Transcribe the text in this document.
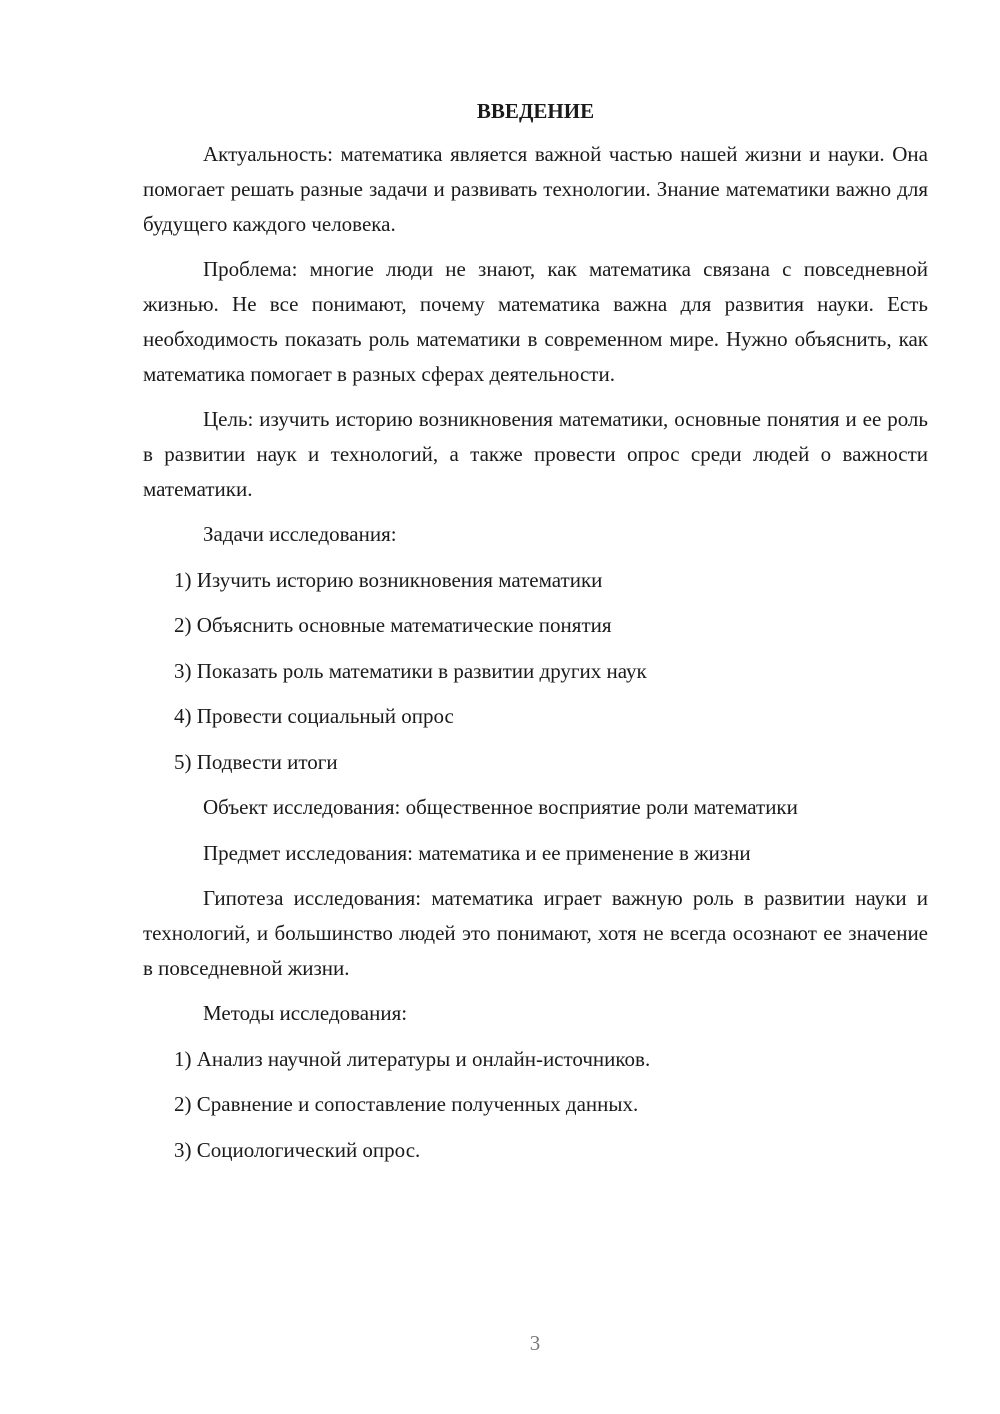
ВВЕДЕНИЕ

Актуальность: математика является важной частью нашей жизни и науки. Она помогает решать разные задачи и развивать технологии. Знание математики важно для будущего каждого человека.

Проблема: многие люди не знают, как математика связана с повседневной жизнью. Не все понимают, почему математика важна для развития науки. Есть необходимость показать роль математики в современном мире. Нужно объяснить, как математика помогает в разных сферах деятельности.

Цель: изучить историю возникновения математики, основные понятия и ее роль в развитии наук и технологий, а также провести опрос среди людей о важности математики.

Задачи исследования:
1) Изучить историю возникновения математики
2) Объяснить основные математические понятия
3) Показать роль математики в развитии других наук
4) Провести социальный опрос
5) Подвести итоги
Объект исследования: общественное восприятие роли математики
Предмет исследования: математика и ее применение в жизни

Гипотеза исследования: математика играет важную роль в развитии науки и технологий, и большинство людей это понимают, хотя не всегда осознают ее значение в повседневной жизни.

Методы исследования:
1) Анализ научной литературы и онлайн-источников.
2) Сравнение и сопоставление полученных данных.
3) Социологический опрос.
3
